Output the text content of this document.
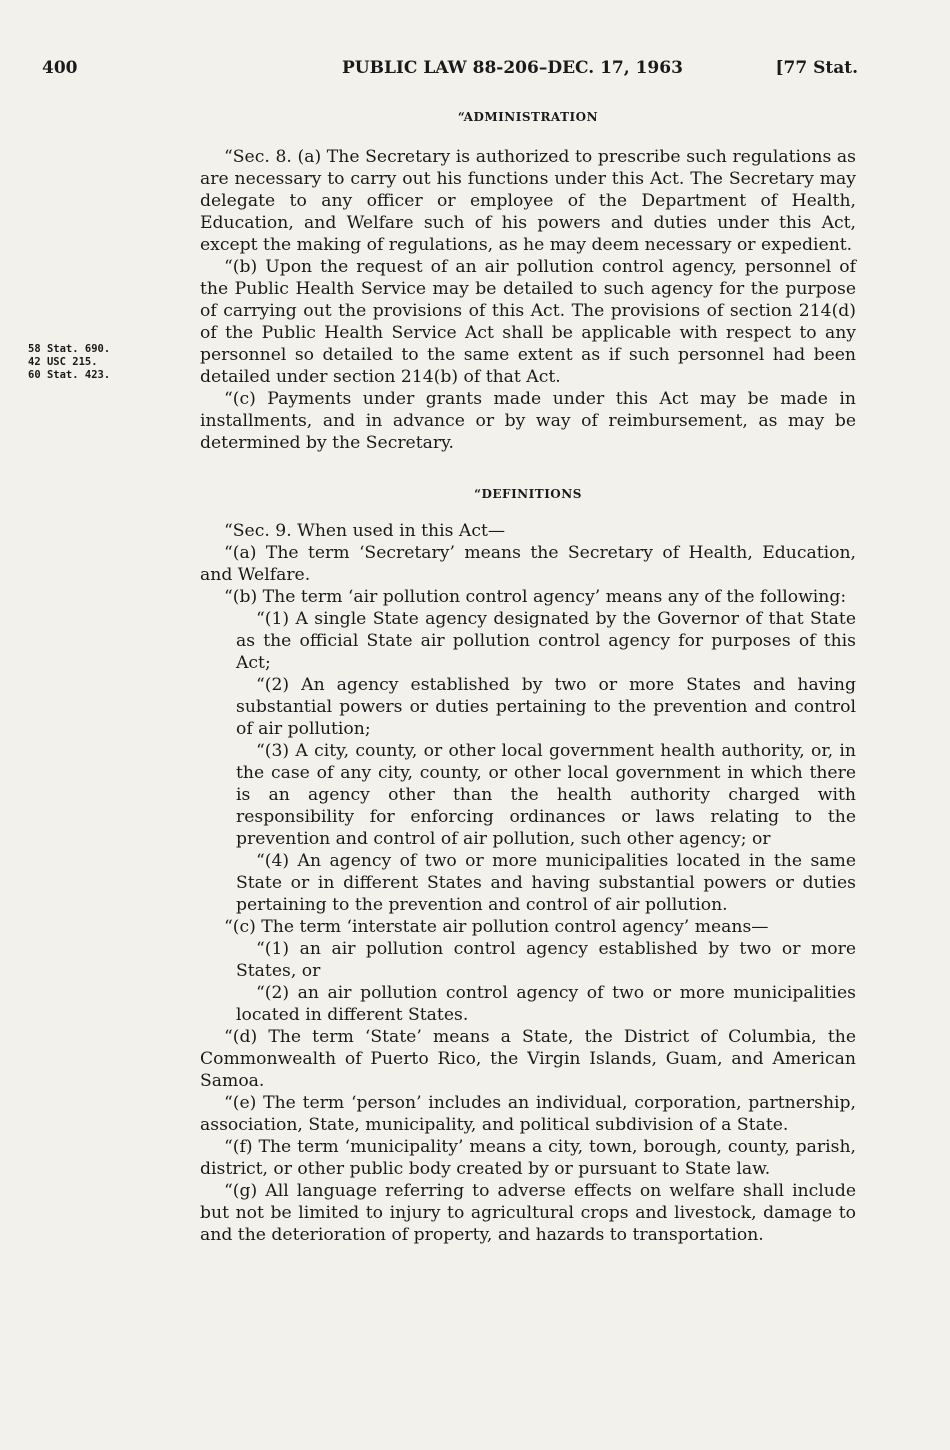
400	PUBLIC LAW 88-206–DEC. 17, 1963	[77 Stat.
“ADMINISTRATION

“Sec. 8. (a) The Secretary is authorized to prescribe such regulations as are necessary to carry out his functions under this Act. The Secretary may delegate to any officer or employee of the Department of Health, Education, and Welfare such of his powers and duties under this Act, except the making of regulations, as he may deem necessary or expedient.

“(b) Upon the request of an air pollution control agency, personnel of the Public Health Service may be detailed to such agency for the purpose of carrying out the provisions of this Act. The provisions of section 214(d) of the Public Health Service Act shall be applicable with respect to any personnel so detailed to the same extent as if such personnel had been detailed under section 214(b) of that Act.

“(c) Payments under grants made under this Act may be made in installments, and in advance or by way of reimbursement, as may be determined by the Secretary.

58 Stat. 690.
42 USC 215.
60 Stat. 423.
“DEFINITIONS

“Sec. 9. When used in this Act—

“(a) The term ‘Secretary’ means the Secretary of Health, Education, and Welfare.

“(b) The term ‘air pollution control agency’ means any of the following:

“(1) A single State agency designated by the Governor of that State as the official State air pollution control agency for purposes of this Act;

“(2) An agency established by two or more States and having substantial powers or duties pertaining to the prevention and control of air pollution;

“(3) A city, county, or other local government health authority, or, in the case of any city, county, or other local government in which there is an agency other than the health authority charged with responsibility for enforcing ordinances or laws relating to the prevention and control of air pollution, such other agency; or

“(4) An agency of two or more municipalities located in the same State or in different States and having substantial powers or duties pertaining to the prevention and control of air pollution.

“(c) The term ‘interstate air pollution control agency’ means—

“(1) an air pollution control agency established by two or more States, or

“(2) an air pollution control agency of two or more municipalities located in different States.

“(d) The term ‘State’ means a State, the District of Columbia, the Commonwealth of Puerto Rico, the Virgin Islands, Guam, and American Samoa.

“(e) The term ‘person’ includes an individual, corporation, partnership, association, State, municipality, and political subdivision of a State.

“(f) The term ‘municipality’ means a city, town, borough, county, parish, district, or other public body created by or pursuant to State law.

“(g) All language referring to adverse effects on welfare shall include but not be limited to injury to agricultural crops and livestock, damage to and the deterioration of property, and hazards to transportation.
